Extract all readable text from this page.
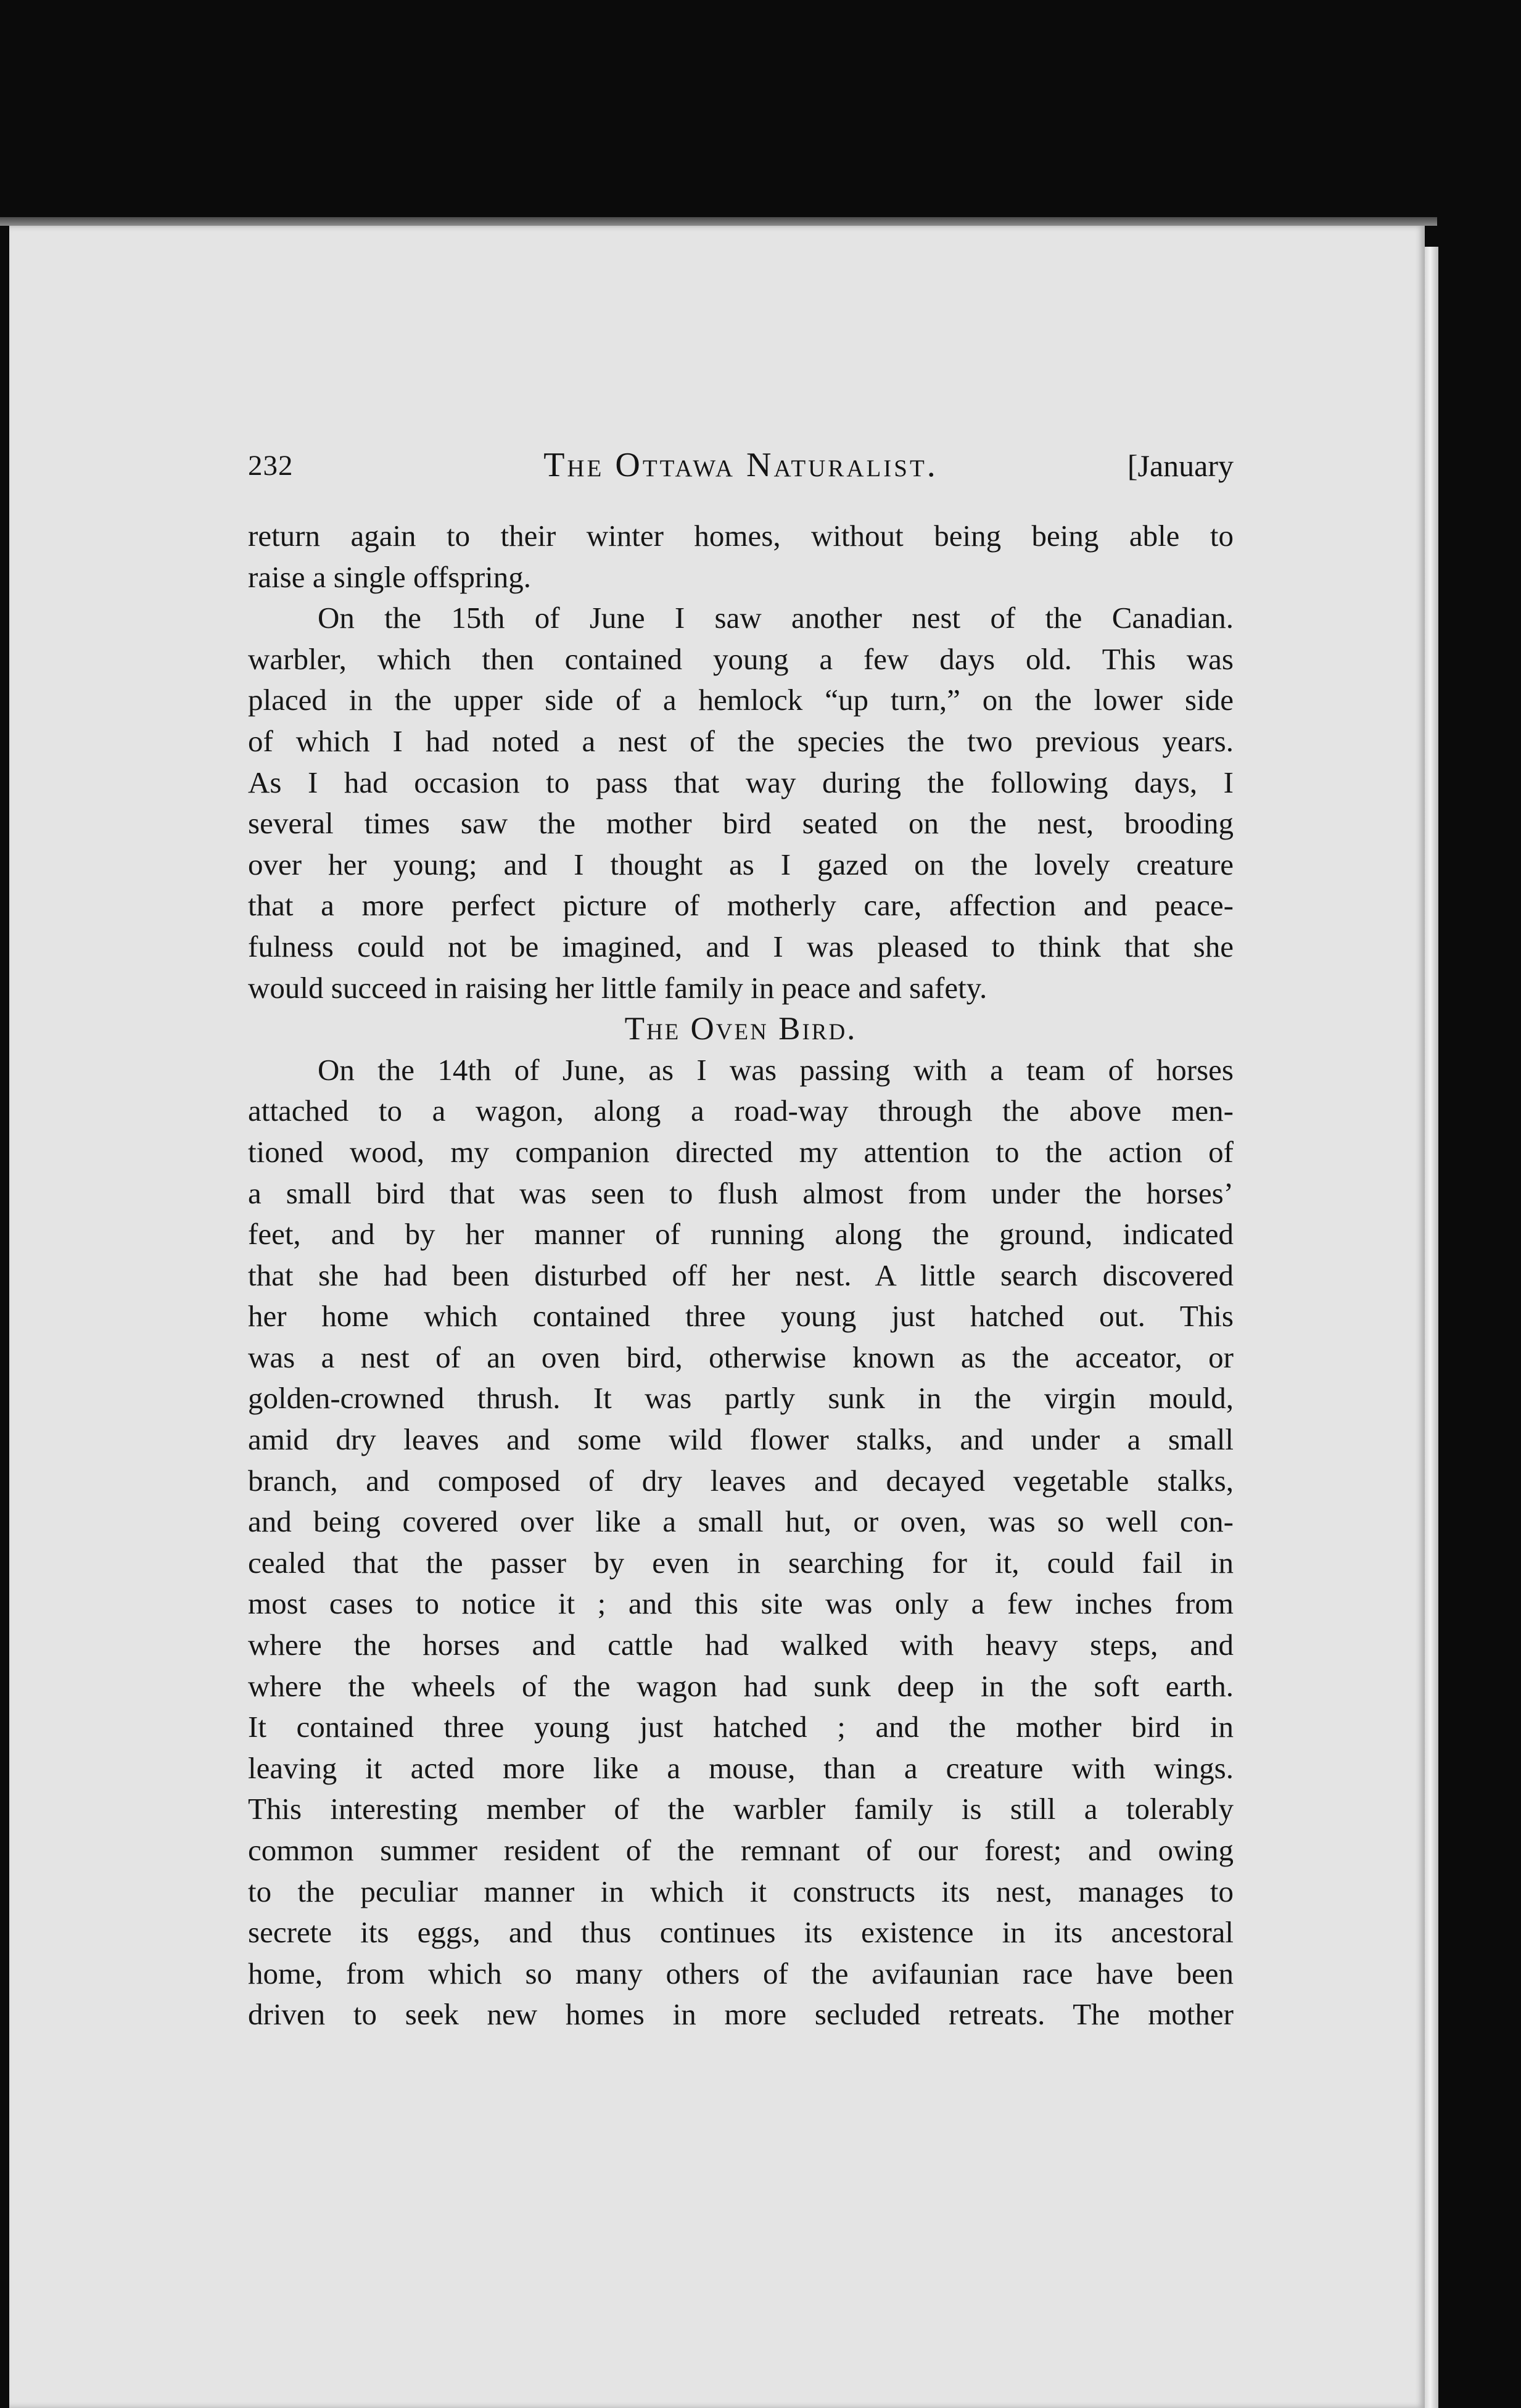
232	The Ottawa Naturalist.	[January
return again to their winter homes, without being being able to
raise a single offspring.
On the 15th of June I saw another nest of the Canadian.
warbler, which then contained young a few days old. This was
placed in the upper side of a hemlock “up turn,” on the lower side
of which I had noted a nest of the species the two previous years.
As I had occasion to pass that way during the following days, I
several times saw the mother bird seated on the nest, brooding
over her young; and I thought as I gazed on the lovely creature
that a more perfect picture of motherly care, affection and peace-
fulness could not be imagined, and I was pleased to think that she
would succeed in raising her little family in peace and safety.
The Oven Bird.
On the 14th of June, as I was passing with a team of horses
attached to a wagon, along a road-way through the above men-
tioned wood, my companion directed my attention to the action of
a small bird that was seen to flush almost from under the horses’
feet, and by her manner of running along the ground, indicated
that she had been disturbed off her nest. A little search discovered
her home which contained three young just hatched out. This
was a nest of an oven bird, otherwise known as the acceator, or
golden-crowned thrush. It was partly sunk in the virgin mould,
amid dry leaves and some wild flower stalks, and under a small
branch, and composed of dry leaves and decayed vegetable stalks,
and being covered over like a small hut, or oven, was so well con-
cealed that the passer by even in searching for it, could fail in
most cases to notice it ; and this site was only a few inches from
where the horses and cattle had walked with heavy steps, and
where the wheels of the wagon had sunk deep in the soft earth.
It contained three young just hatched ; and the mother bird in
leaving it acted more like a mouse, than a creature with wings.
This interesting member of the warbler family is still a tolerably
common summer resident of the remnant of our forest; and owing
to the peculiar manner in which it constructs its nest, manages to
secrete its eggs, and thus continues its existence in its ancestoral
home, from which so many others of the avifaunian race have been
driven to seek new homes in more secluded retreats. The mother
